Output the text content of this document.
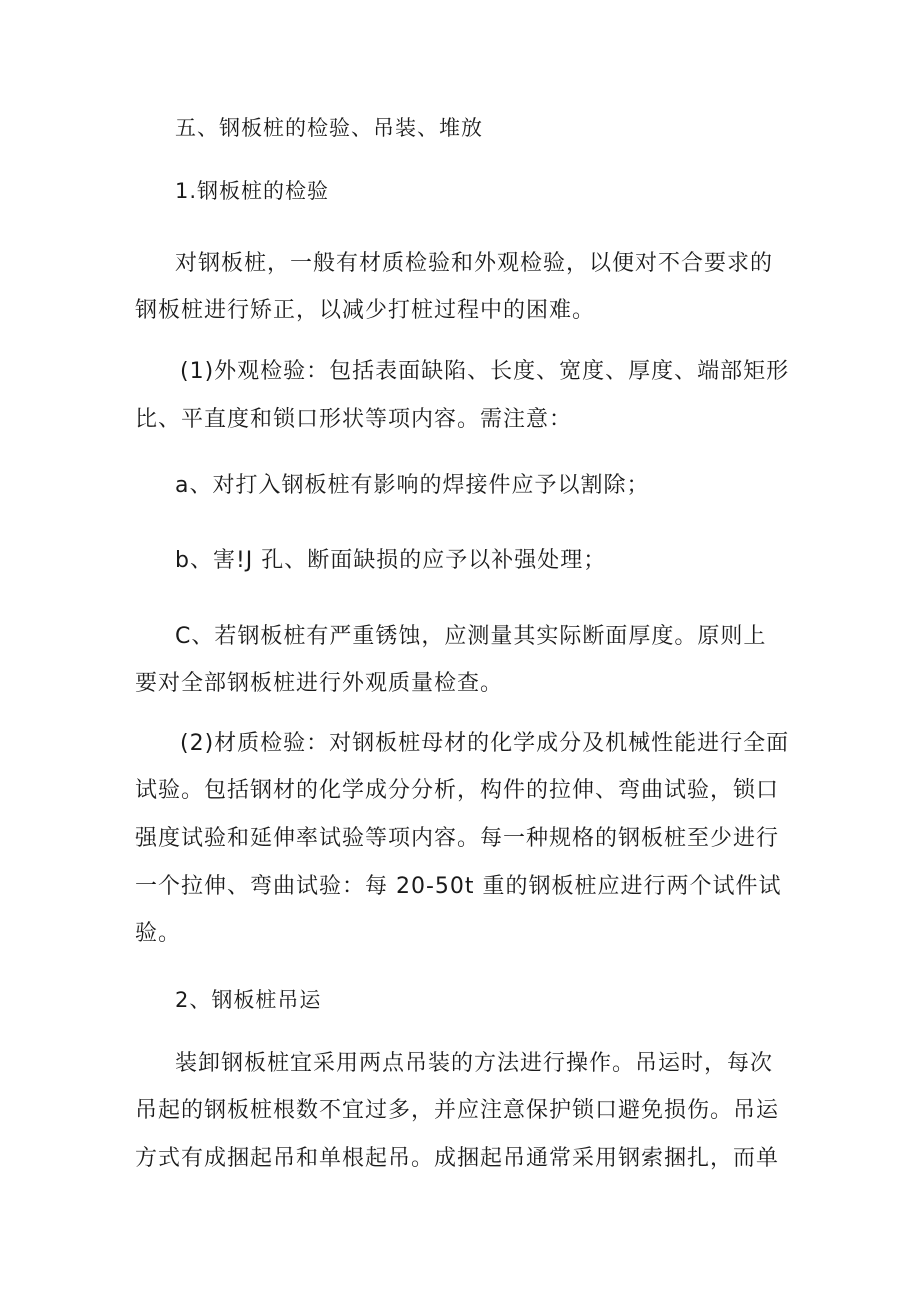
五、钢板桩的检验、吊装、堆放

1.钢板桩的检验

对钢板桩，一般有材质检验和外观检验，以便对不合要求的

钢板桩进行矫正，以减少打桩过程中的困难。

(1)外观检验：包括表面缺陷、长度、宽度、厚度、端部矩形

比、平直度和锁口形状等项内容。需注意：

a、对打入钢板桩有影响的焊接件应予以割除；

b、害!J 孔、断面缺损的应予以补强处理；

C、若钢板桩有严重锈蚀，应测量其实际断面厚度。原则上

要对全部钢板桩进行外观质量检查。

(2)材质检验：对钢板桩母材的化学成分及机械性能进行全面

试验。包括钢材的化学成分分析，构件的拉伸、弯曲试验，锁口

强度试验和延伸率试验等项内容。每一种规格的钢板桩至少进行

一个拉伸、弯曲试验：每 20-50t 重的钢板桩应进行两个试件试

验。

2、钢板桩吊运

装卸钢板桩宜采用两点吊装的方法进行操作。吊运时，每次

吊起的钢板桩根数不宜过多，并应注意保护锁口避免损伤。吊运

方式有成捆起吊和单根起吊。成捆起吊通常采用钢索捆扎，而单
